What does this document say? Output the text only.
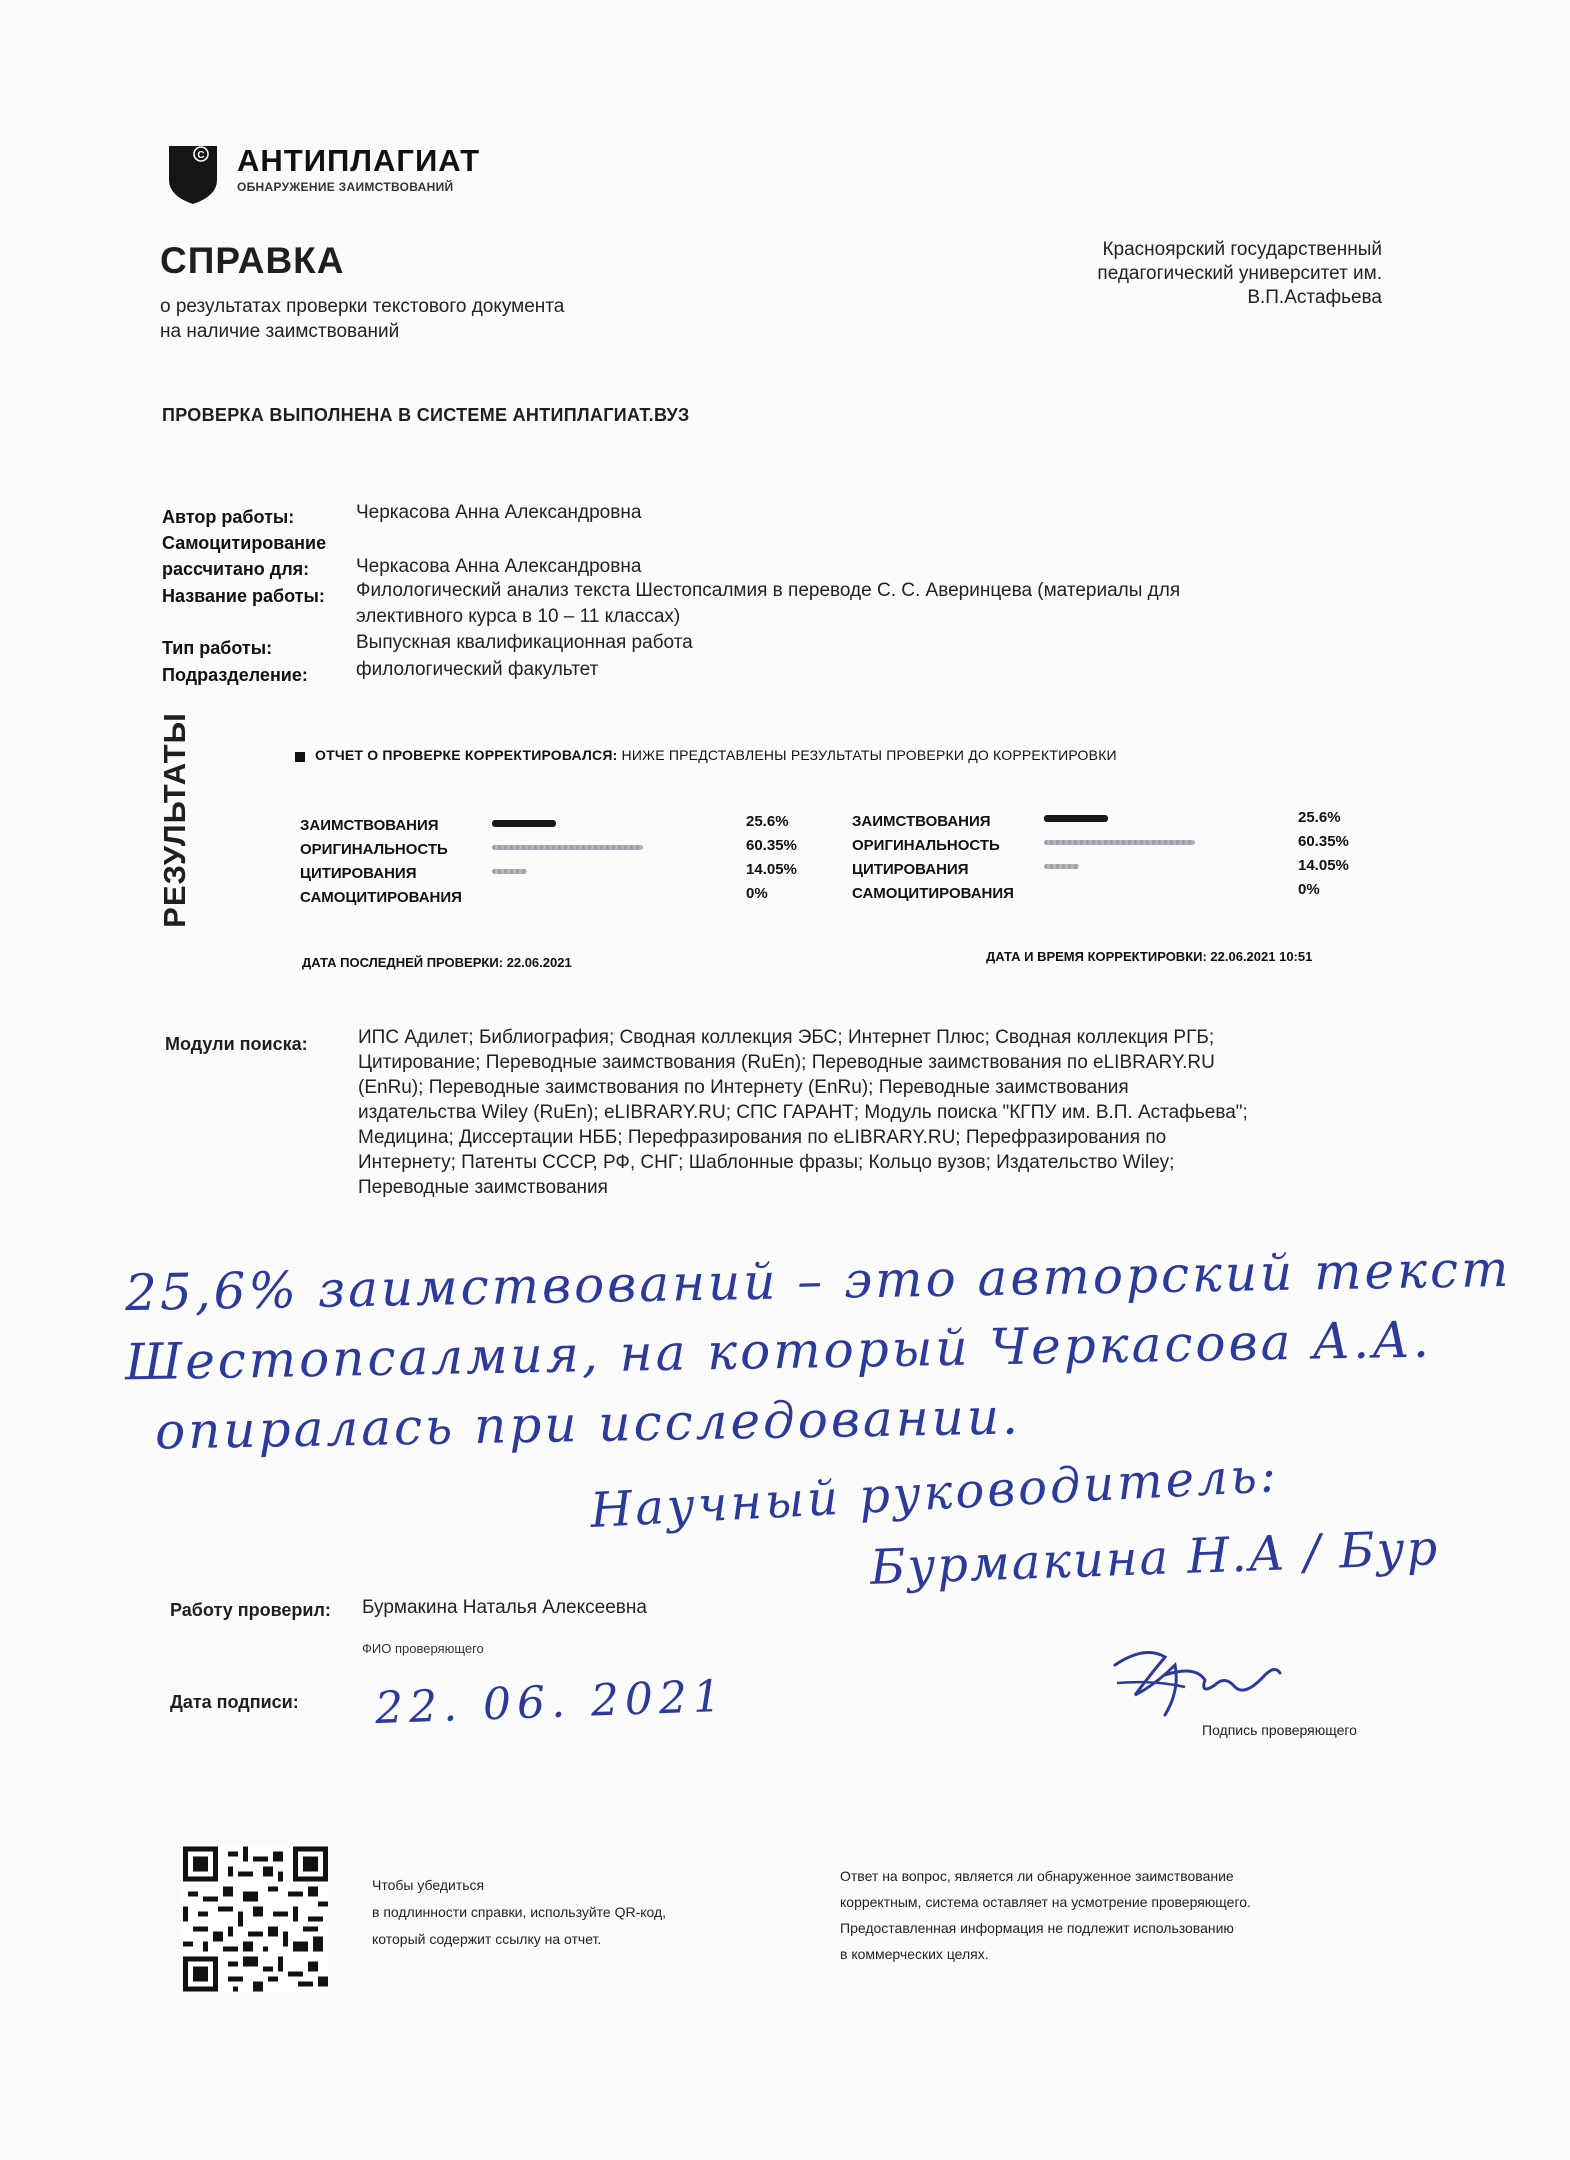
C АНТИПЛАГИАТ
ОБНАРУЖЕНИЕ ЗАИМСТВОВАНИЙ
СПРАВКА
о результатах проверки текстового документа
на наличие заимствований
Красноярский государственный
педагогический университет им.
В.П.Астафьева
ПРОВЕРКА ВЫПОЛНЕНА В СИСТЕМЕ АНТИПЛАГИАТ.ВУЗ
Автор работы:	Черкасова Анна Александровна
Самоцитирование
рассчитано для: Черкасова Анна Александровна
Название работы: Филологический анализ текста Шестопсалмия в переводе С. С. Аверинцева (материалы для
элективного курса в 10 – 11 классах)
Тип работы:	Выпускная квалификационная работа
Подразделение:	филологический факультет
РЕЗУЛЬТАТЫ	ОТЧЕТ О ПРОВЕРКЕ КОРРЕКТИРОВАЛСЯ: НИЖЕ ПРЕДСТАВЛЕНЫ РЕЗУЛЬТАТЫ ПРОВЕРКИ ДО КОРРЕКТИРОВКИ
ЗАИМСТВОВАНИЯ	25.6%
ОРИГИНАЛЬНОСТЬ	60.35%
ЦИТИРОВАНИЯ	14.05%
САМОЦИТИРОВАНИЯ	0%
ДАТА ПОСЛЕДНЕЙ ПРОВЕРКИ: 22.06.2021
ЗАИМСТВОВАНИЯ	25.6%
ОРИГИНАЛЬНОСТЬ	60.35%
ЦИТИРОВАНИЯ	14.05%
САМОЦИТИРОВАНИЯ	0%
ДАТА И ВРЕМЯ КОРРЕКТИРОВКИ: 22.06.2021 10:51
Модули поиска:	ИПС Адилет; Библиография; Сводная коллекция ЭБС; Интернет Плюс; Сводная коллекция РГБ;
Цитирование; Переводные заимствования (RuEn); Переводные заимствования по eLIBRARY.RU
(EnRu); Переводные заимствования по Интернету (EnRu); Переводные заимствования
издательства Wiley (RuEn); eLIBRARY.RU; СПС ГАРАНТ; Модуль поиска "КГПУ им. В.П. Астафьева";
Медицина; Диссертации НББ; Перефразирования по eLIBRARY.RU; Перефразирования по
Интернету; Патенты СССР, РФ, СНГ; Шаблонные фразы; Кольцо вузов; Издательство Wiley;
Переводные заимствования
25,6% заимствований – это авторский текст
Шестопсалмия, на который Черкасова А.А.
опиралась при исследовании.
Научный руководитель:
Бурмакина Н.А / Бур
Работу проверил: Бурмакина Наталья Алексеевна
ФИО проверяющего
Дата подписи: 22. 06. 2021	Подпись проверяющего
Чтобы убедиться
в подлинности справки, используйте QR-код,
который содержит ссылку на отчет.
Ответ на вопрос, является ли обнаруженное заимствование
корректным, система оставляет на усмотрение проверяющего.
Предоставленная информация не подлежит использованию
в коммерческих целях.
